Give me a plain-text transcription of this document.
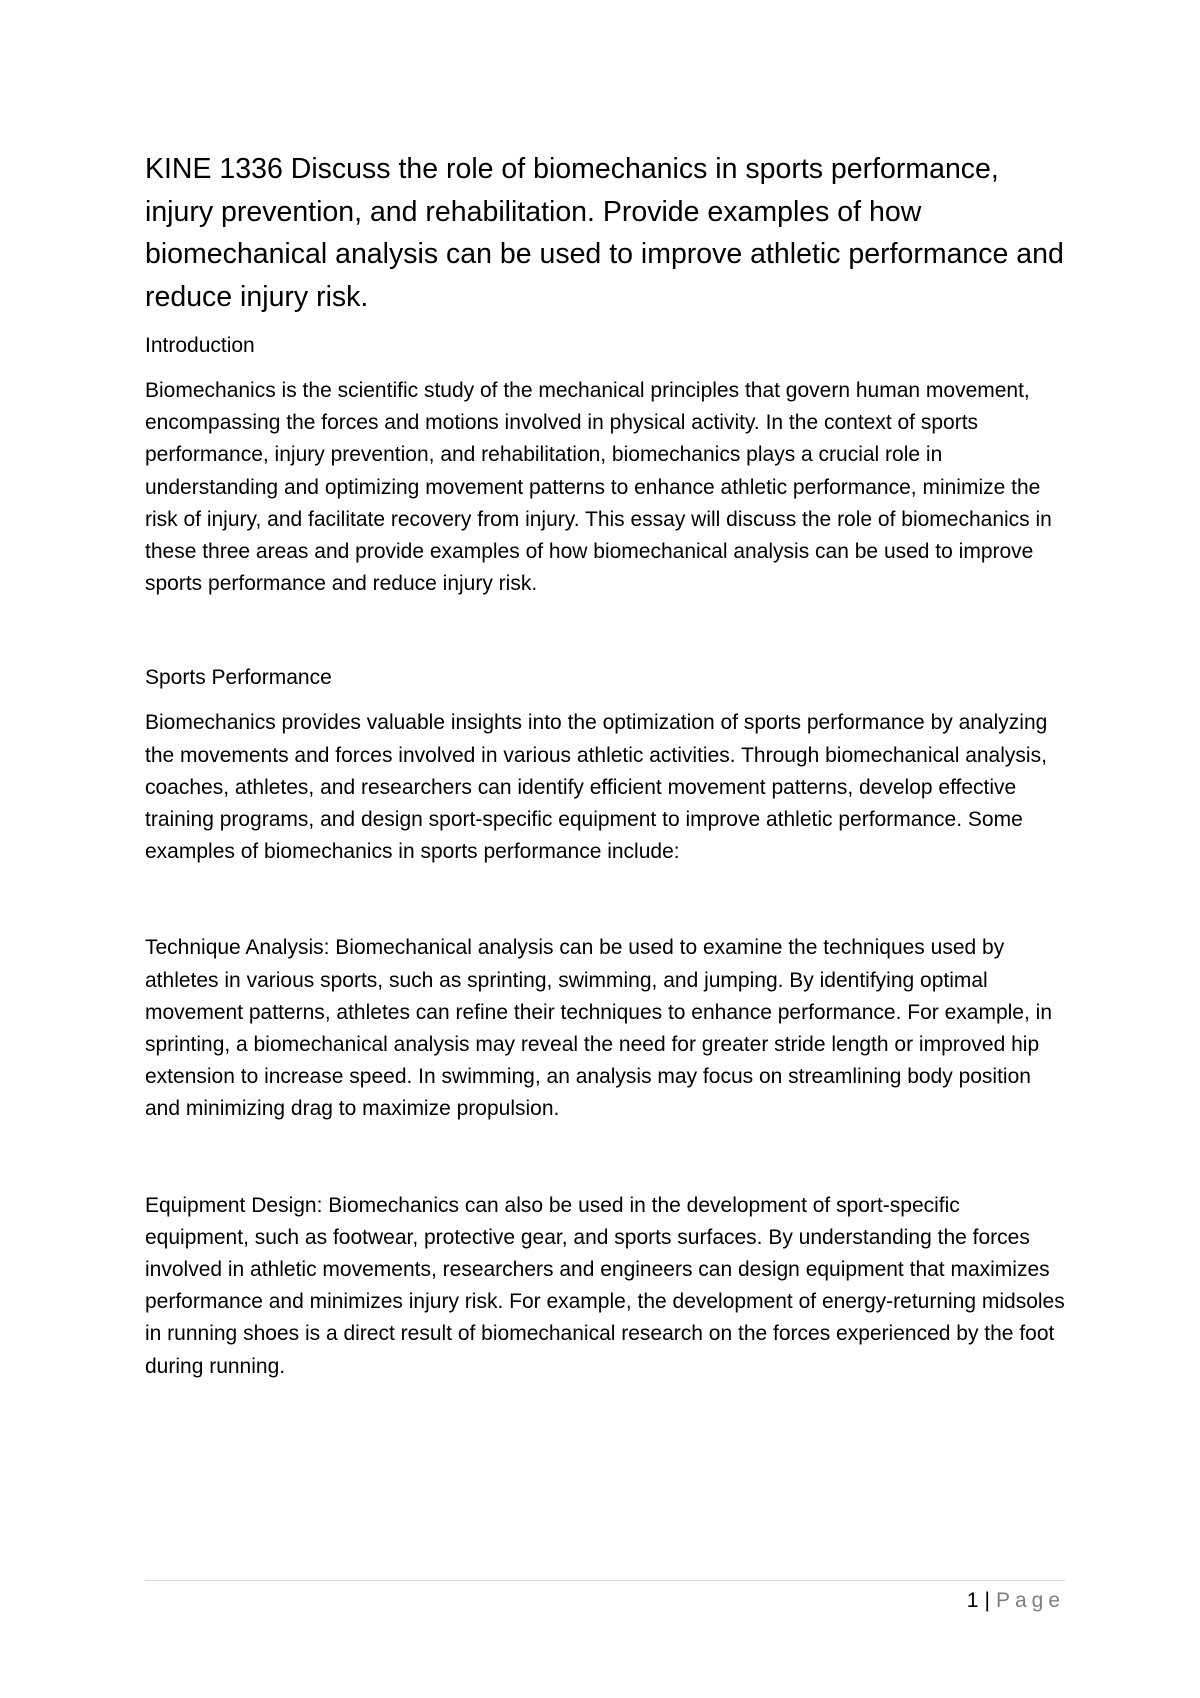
KINE 1336 Discuss the role of biomechanics in sports performance, injury prevention, and rehabilitation. Provide examples of how biomechanical analysis can be used to improve athletic performance and reduce injury risk.
Introduction

Biomechanics is the scientific study of the mechanical principles that govern human movement, encompassing the forces and motions involved in physical activity. In the context of sports performance, injury prevention, and rehabilitation, biomechanics plays a crucial role in understanding and optimizing movement patterns to enhance athletic performance, minimize the risk of injury, and facilitate recovery from injury. This essay will discuss the role of biomechanics in these three areas and provide examples of how biomechanical analysis can be used to improve sports performance and reduce injury risk.

Sports Performance

Biomechanics provides valuable insights into the optimization of sports performance by analyzing the movements and forces involved in various athletic activities. Through biomechanical analysis, coaches, athletes, and researchers can identify efficient movement patterns, develop effective training programs, and design sport-specific equipment to improve athletic performance. Some examples of biomechanics in sports performance include:

Technique Analysis: Biomechanical analysis can be used to examine the techniques used by athletes in various sports, such as sprinting, swimming, and jumping. By identifying optimal movement patterns, athletes can refine their techniques to enhance performance. For example, in sprinting, a biomechanical analysis may reveal the need for greater stride length or improved hip extension to increase speed. In swimming, an analysis may focus on streamlining body position and minimizing drag to maximize propulsion.

Equipment Design: Biomechanics can also be used in the development of sport-specific equipment, such as footwear, protective gear, and sports surfaces. By understanding the forces involved in athletic movements, researchers and engineers can design equipment that maximizes performance and minimizes injury risk. For example, the development of energy-returning midsoles in running shoes is a direct result of biomechanical research on the forces experienced by the foot during running.

1 | Page
